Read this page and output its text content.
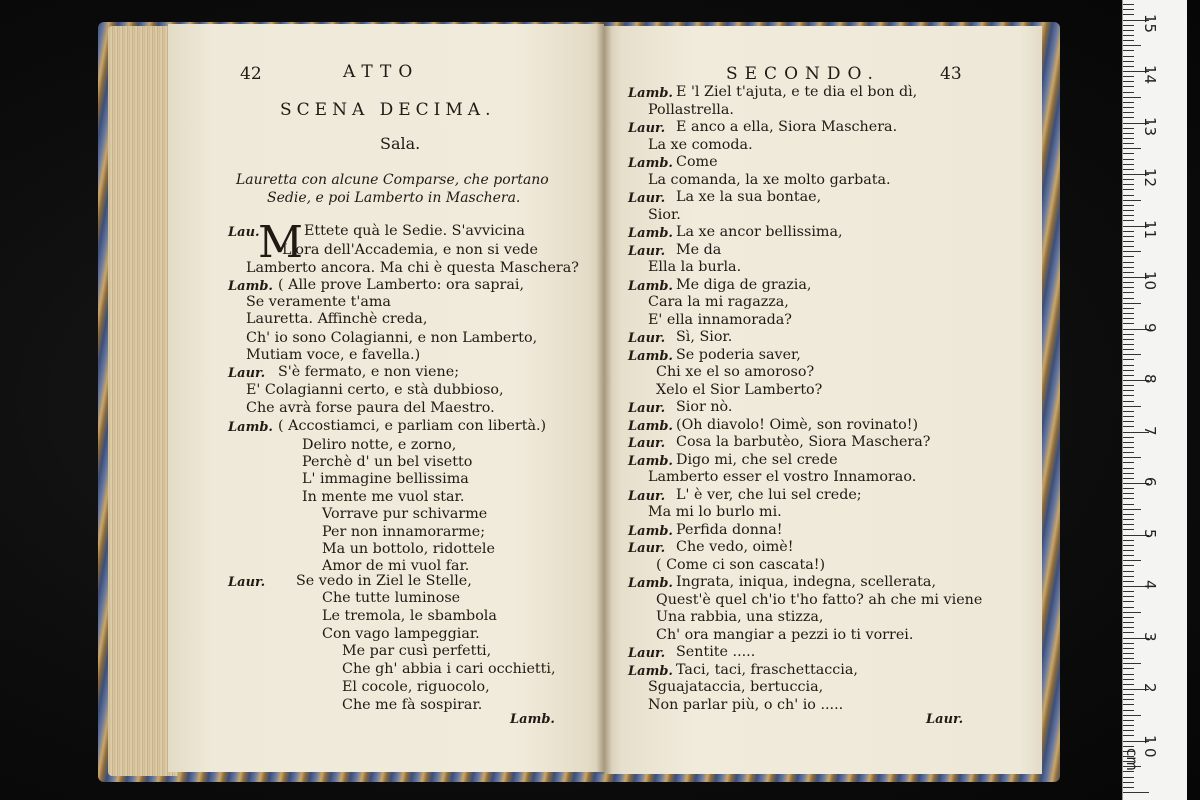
42	ATTO
SCENA DECIMA.
Sala.
Lauretta con alcune Comparse, che portano
Sedie, e poi Lamberto in Maschera.
M
Lau.	Ettete quà le Sedie. S'avvicina
L'ora dell'Accademia, e non si vede
Lamberto ancora. Ma chi è questa Maschera?
Lamb. ( Alle prove Lamberto: ora saprai,
Se veramente t'ama
Lauretta. Affinchè creda,
Ch' io sono Colagianni, e non Lamberto,
Mutiam voce, e favella.)
Laur. S'è fermato, e non viene;
E' Colagianni certo, e stà dubbioso,
Che avrà forse paura del Maestro.
Lamb. ( Accostiamci, e parliam con libertà.)
Deliro notte, e zorno,
Perchè d' un bel visetto
L' immagine bellissima
In mente me vuol star.
Vorrave pur schivarme
Per non innamorarme;
Ma un bottolo, ridottele
Amor de mi vuol far.
Laur. Se vedo in Ziel le Stelle,
Che tutte luminose
Le tremola, le sbambola
Con vago lampeggiar.
Me par cusì perfetti,
Che gh' abbia i cari occhietti,
El cocole, riguocolo,
Che me fà sospirar.
Lamb.
SECONDO.	43
Lamb. E 'l Ziel t'ajuta, e te dia el bon dì,
Pollastrella.
Laur. E anco a ella, Siora Maschera.
La xe comoda.
Lamb. Come
La comanda, la xe molto garbata.
Laur. La xe la sua bontae,
Sior.
Lamb. La xe ancor bellissima,
Laur. Me da
Ella la burla.
Lamb. Me diga de grazia,
Cara la mi ragazza,
E' ella innamorada?
Laur. Sì, Sior.
Lamb. Se poderia saver,
Chi xe el so amoroso?
Xelo el Sior Lamberto?
Laur. Sior nò.
Lamb. (Oh diavolo! Oimè, son rovinato!)
Laur. Cosa la barbutèo, Siora Maschera?
Lamb. Digo mi, che sel crede
Lamberto esser el vostro Innamorao.
Laur. L' è ver, che lui sel crede;
Ma mi lo burlo mi.
Lamb. Perfida donna!
Laur. Che vedo, oimè!
( Come ci son cascata!)
Lamb. Ingrata, iniqua, indegna, scellerata,
Quest'è quel ch'io t'ho fatto? ah che mi viene
Una rabbia, una stizza,
Ch' ora mangiar a pezzi io ti vorrei.
Laur. Sentite .....
Lamb. Taci, taci, fraschettaccia,
Sguajataccia, bertuccia,
Non parlar più, o ch' io .....
Laur.
15
14
13
12
11
10
9
8
7
6
5
4
3
2
1
0 cm
